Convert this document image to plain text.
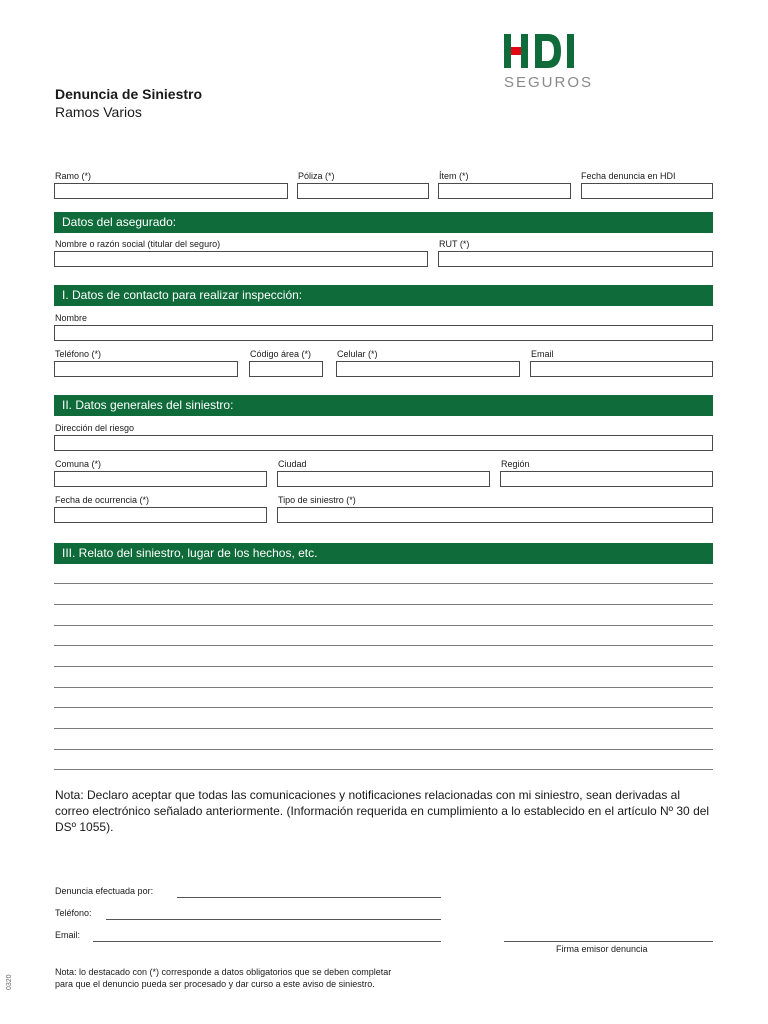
SEGUROS
Denuncia de Siniestro
Ramos Varios
Ramo (*)	Póliza (*)	Ítem (*)	Fecha denuncia en HDI
Datos del asegurado:
Nombre o razón social (titular del seguro)	RUT (*)
I. Datos de contacto para realizar inspección:
Nombre
Teléfono (*)	Código área (*)	Celular (*)	Email
II. Datos generales del siniestro:
Dirección del riesgo
Comuna (*)	Ciudad	Región
Fecha de ocurrencia (*)	Tipo de siniestro (*)
III. Relato del siniestro, lugar de los hechos, etc.
Nota: Declaro aceptar que todas las comunicaciones y notificaciones relacionadas con mi siniestro, sean derivadas al correo electrónico señalado anteriormente. (Información requerida en cumplimiento a lo establecido en el artículo Nº 30 del DSº 1055).
Denuncia efectuada por:
Teléfono:
Email:
Firma emisor denuncia
Nota: lo destacado con (*) corresponde a datos obligatorios que se deben completar
para que el denuncio pueda ser procesado y dar curso a este aviso de siniestro.
0320
